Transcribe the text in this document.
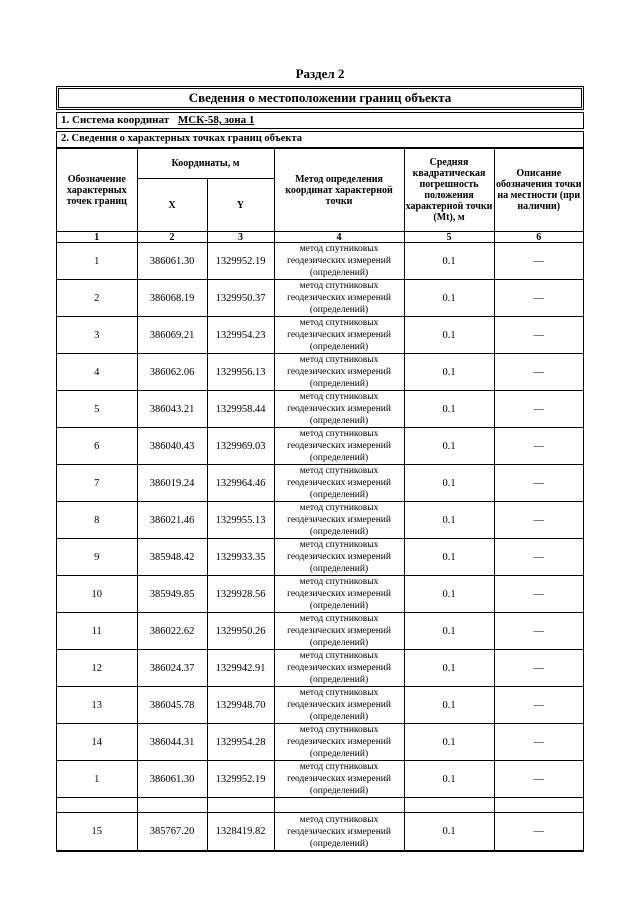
Раздел 2
Сведения о местоположении границ объекта
1. Система координат МСК-58, зона 1
2. Сведения о характерных точках границ объекта
Обозначение характерных точек границ	Координаты, м		Метод определения координат характерной точки	Средняя квадратическая погрешность положения характерной точки (Mt), м	Описание обозначения точки на местности (при наличии)
	X	Y			
1	2	3	4	5	6
1	386061.30	1329952.19	метод спутниковых геодезических измерений (определений)	0.1	—
2	386068.19	1329950.37	метод спутниковых геодезических измерений (определений)	0.1	—
3	386069.21	1329954.23	метод спутниковых геодезических измерений (определений)	0.1	—
4	386062.06	1329956.13	метод спутниковых геодезических измерений (определений)	0.1	—
5	386043.21	1329958.44	метод спутниковых геодезических измерений (определений)	0.1	—
6	386040.43	1329969.03	метод спутниковых геодезических измерений (определений)	0.1	—
7	386019.24	1329964.46	метод спутниковых геодезических измерений (определений)	0.1	—
8	386021.46	1329955.13	метод спутниковых геодезических измерений (определений)	0.1	—
9	385948.42	1329933.35	метод спутниковых геодезических измерений (определений)	0.1	—
10	385949.85	1329928.56	метод спутниковых геодезических измерений (определений)	0.1	—
11	386022.62	1329950.26	метод спутниковых геодезических измерений (определений)	0.1	—
12	386024.37	1329942.91	метод спутниковых геодезических измерений (определений)	0.1	—
13	386045.78	1329948.70	метод спутниковых геодезических измерений (определений)	0.1	—
14	386044.31	1329954.28	метод спутниковых геодезических измерений (определений)	0.1	—
1	386061.30	1329952.19	метод спутниковых геодезических измерений (определений)	0.1	—

15	385767.20	1328419.82	метод спутниковых геодезических измерений (определений)	0.1	—
